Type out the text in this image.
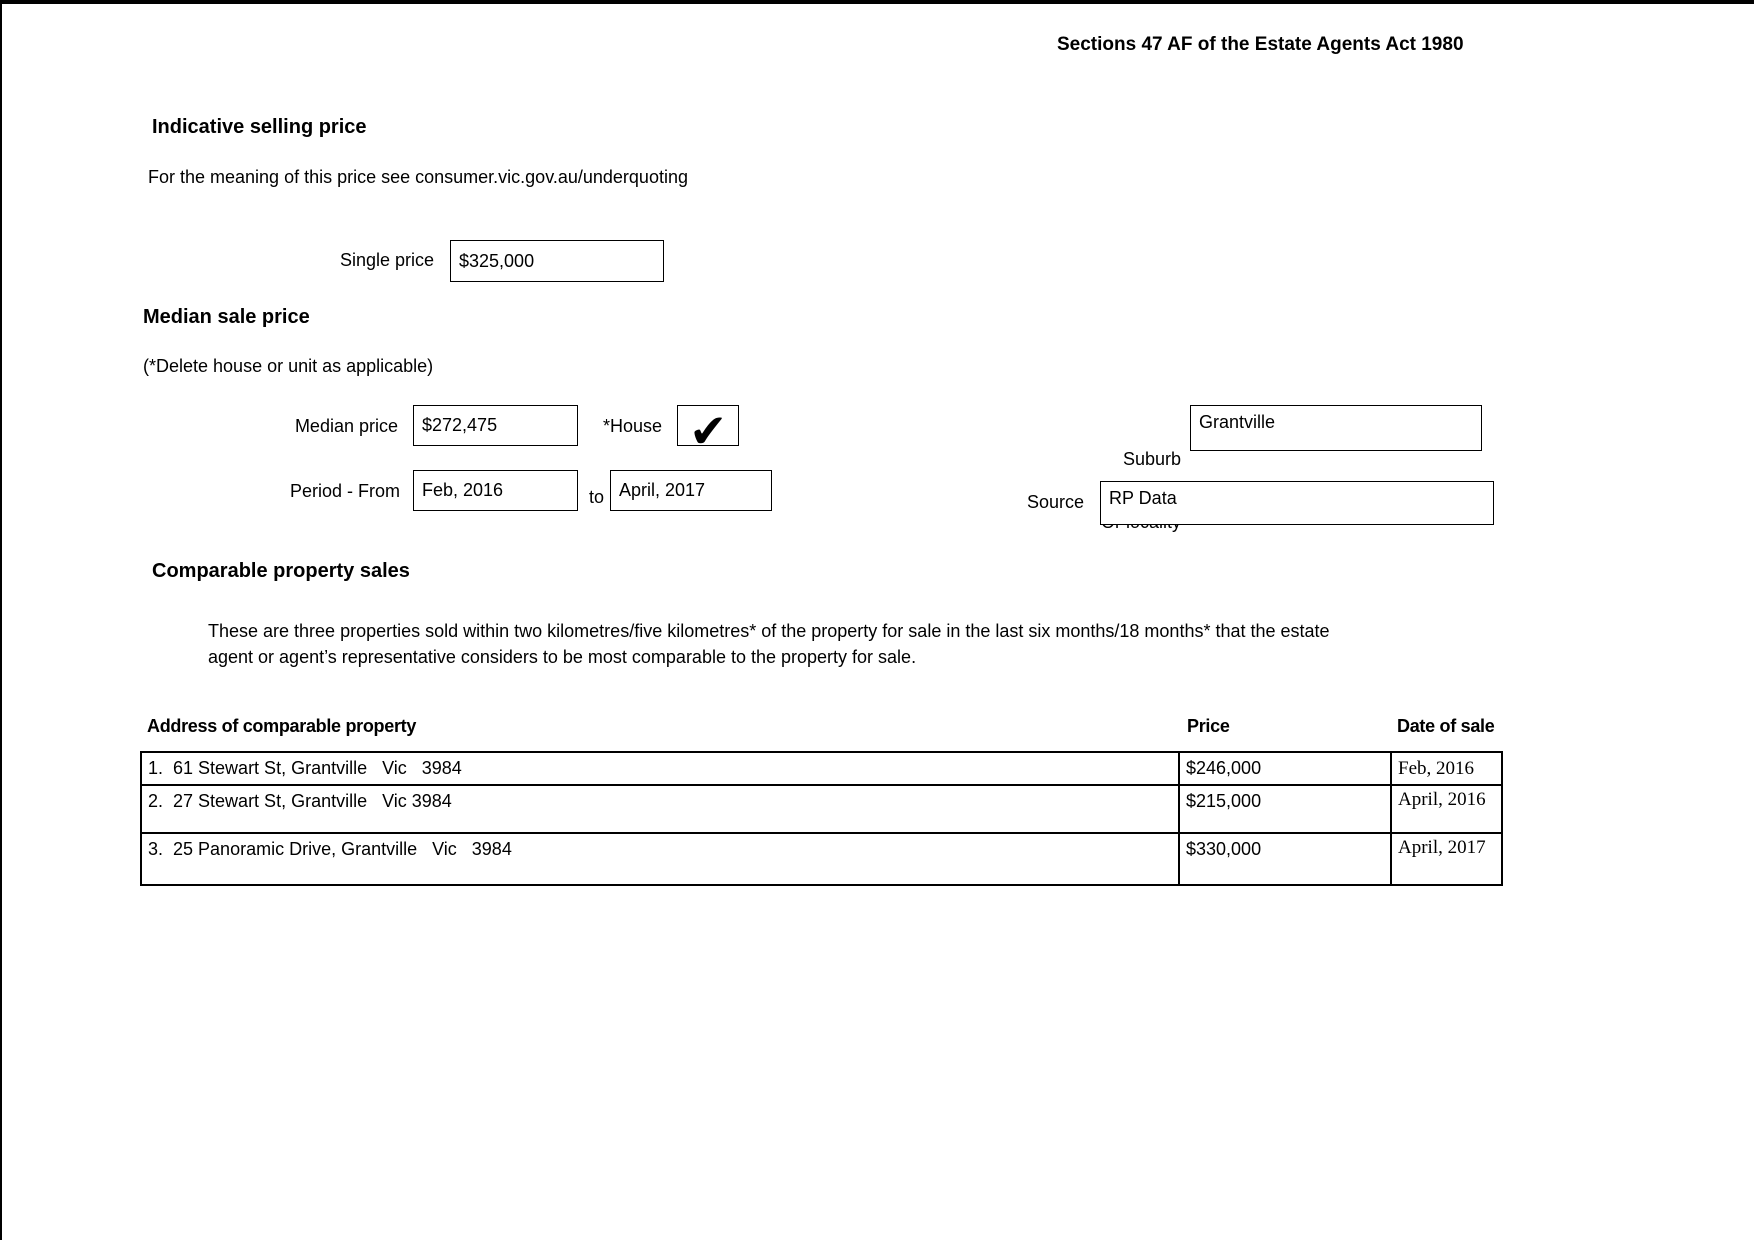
Sections 47 AF of the Estate Agents Act 1980
Indicative selling price
For the meaning of this price see consumer.vic.gov.au/underquoting
Single price $325,000
Median sale price
(*Delete house or unit as applicable)
Median price $272,475	*House ✔

Suburb

Grantville
Period - From Feb, 2016	to April, 2017
Source RP Data
Comparable property sales
These are three properties sold within two kilometres/five kilometres* of the property for sale in the last six months/18 months* that the estate agent or agent’s representative considers to be most comparable to the property for sale.
Address of comparable property	Price	Date of sale
1.  61 Stewart St, Grantville   Vic   3984	$246,000	Feb, 2016
2.  27 Stewart St, Grantville   Vic 3984	$215,000	April, 2016
3.  25 Panoramic Drive, Grantville   Vic   3984	$330,000	April, 2017
